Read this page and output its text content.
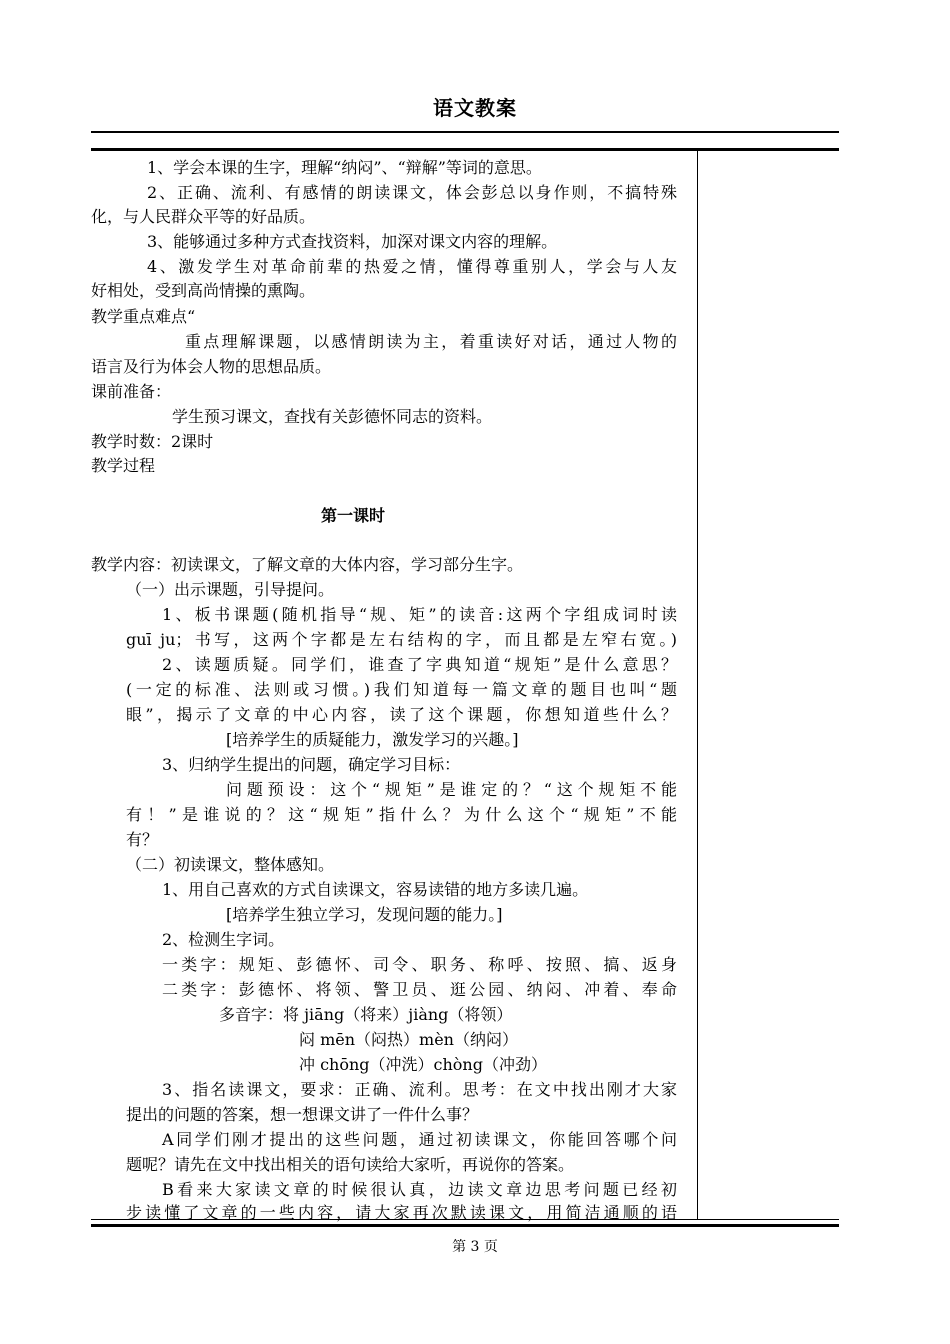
语文教案
1、学会本课的生字，理解“纳闷”、“辩解”等词的意思。
2、正确、流利、有感情的朗读课文，体会彭总以身作则，不搞特殊
化，与人民群众平等的好品质。
3、能够通过多种方式查找资料，加深对课文内容的理解。
4、激发学生对革命前辈的热爱之情，懂得尊重别人，学会与人友
好相处，受到高尚情操的熏陶。
教学重点难点“
重点理解课题，以感情朗读为主，着重读好对话，通过人物的
语言及行为体会人物的思想品质。
课前准备：
学生预习课文，查找有关彭德怀同志的资料。
教学时数：2课时
教学过程
第一课时
教学内容：初读课文，了解文章的大体内容，学习部分生字。
（一）出示课题，引导提问。
1、板书课题(随机指导“规、矩”的读音:这两个字组成词时读
guī ju；书写，这两个字都是左右结构的字，而且都是左窄右宽。)
2、读题质疑。同学们，谁查了字典知道“规矩”是什么意思？
(一定的标准、法则或习惯。)我们知道每一篇文章的题目也叫“题
眼”，揭示了文章的中心内容，读了这个课题，你想知道些什么？
[培养学生的质疑能力，激发学习的兴趣。]
3、归纳学生提出的问题，确定学习目标：
问题预设：这个“规矩”是谁定的？“这个规矩不能
有！”是谁说的？这“规矩”指什么？为什么这个“规矩”不能
有？
（二）初读课文，整体感知。
1、用自己喜欢的方式自读课文，容易读错的地方多读几遍。
[培养学生独立学习，发现问题的能力。]
2、检测生字词。
一类字：规矩、彭德怀、司令、职务、称呼、按照、搞、返身
二类字：彭德怀、将领、警卫员、逛公园、纳闷、冲着、奉命
多音字：将 jiāng（将来）jiàng（将领）
闷 mēn（闷热）mèn（纳闷）
冲 chōng（冲洗）chòng（冲劲）
3、指名读课文，要求：正确、流利。思考：在文中找出刚才大家
提出的问题的答案，想一想课文讲了一件什么事？
A同学们刚才提出的这些问题，通过初读课文，你能回答哪个问
题呢？请先在文中找出相关的语句读给大家听，再说你的答案。
B看来大家读文章的时候很认真，边读文章边思考问题已经初
步读懂了文章的一些内容，请大家再次默读课文，用简洁通顺的语
第 3 页
